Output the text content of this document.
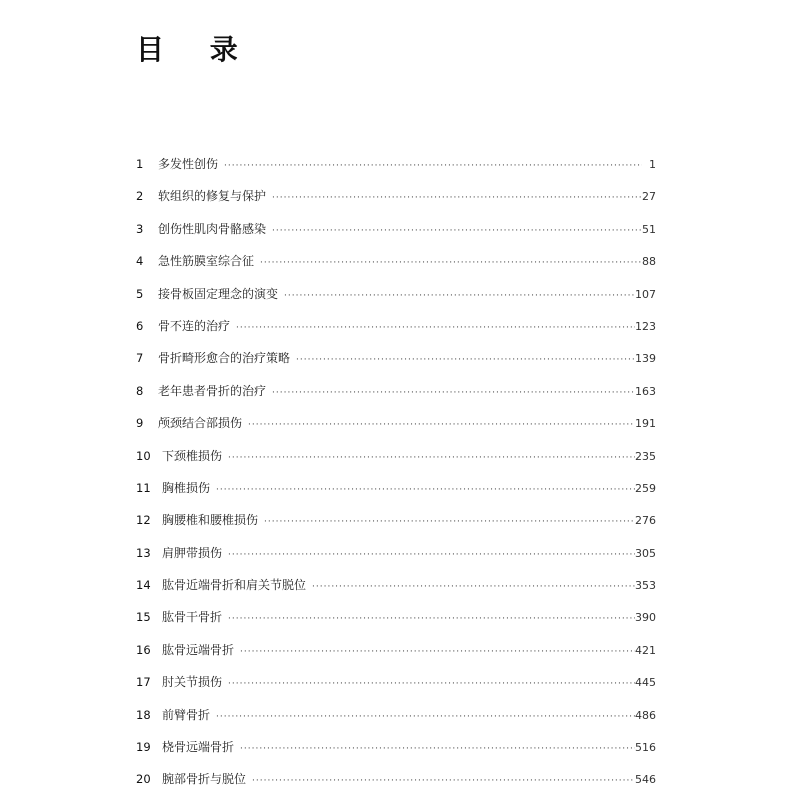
目 录
1	多发性创伤 ·····	1
2	软组织的修复与保护 ·····	27
3	创伤性肌肉骨骼感染 ·····	51
4	急性筋膜室综合征 ·····	88
5	接骨板固定理念的演变 ·····	107
6	骨不连的治疗 ·····	123
7	骨折畸形愈合的治疗策略 ·····	139
8	老年患者骨折的治疗 ·····	163
9	颅颈结合部损伤 ·····	191
10 下颈椎损伤 ·····	235
11 胸椎损伤 ·····	259
12 胸腰椎和腰椎损伤 ·····	276
13 肩胛带损伤 ·····	305
14 肱骨近端骨折和肩关节脱位 ·····	353
15 肱骨干骨折 ·····	390
16 肱骨远端骨折 ·····	421
17 肘关节损伤 ·····	445
18 前臂骨折 ·····	486
19 桡骨远端骨折 ·····	516
20 腕部骨折与脱位 ·····	546
